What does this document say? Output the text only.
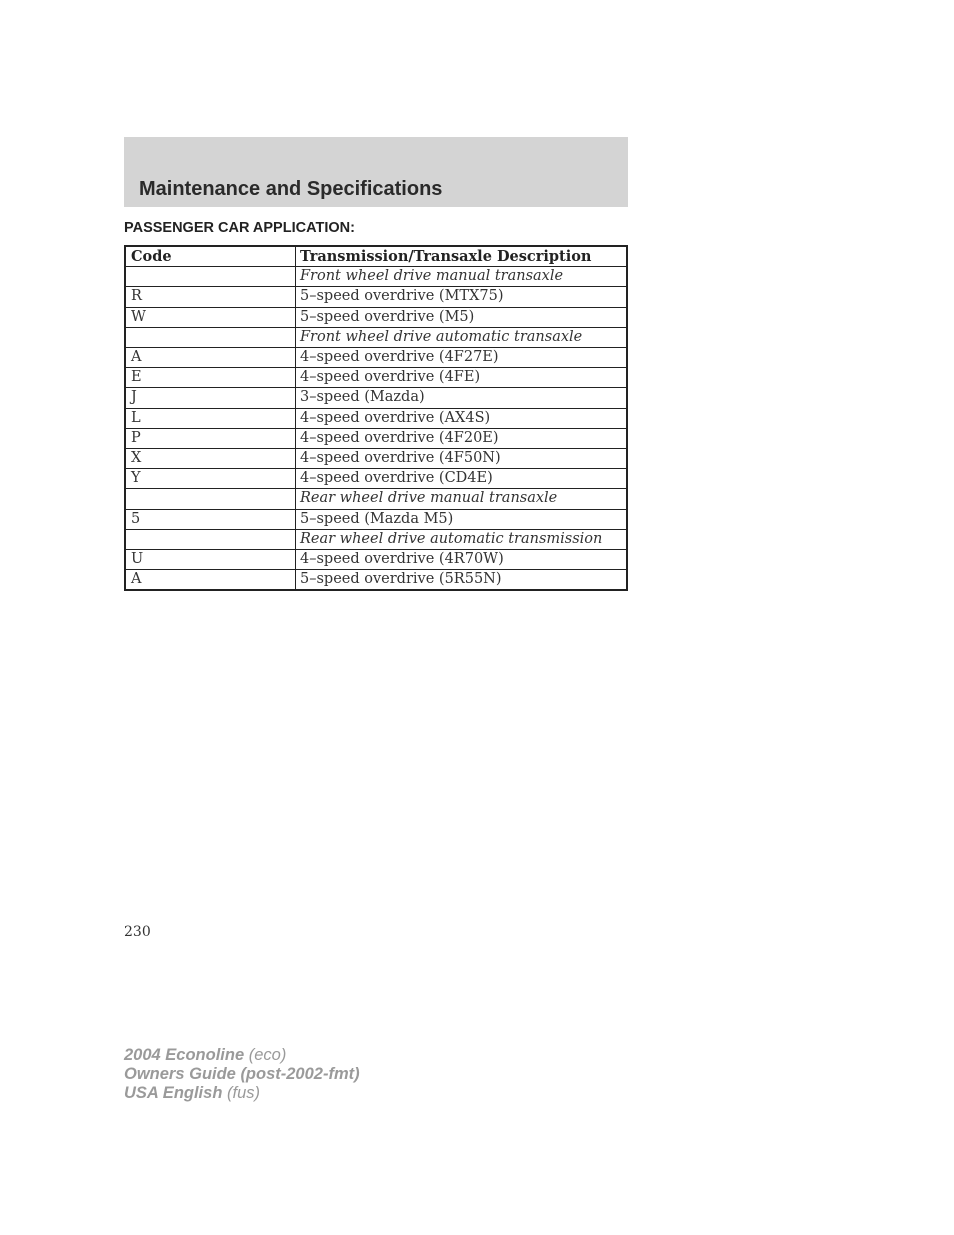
Maintenance and Specifications
PASSENGER CAR APPLICATION:
Code	Transmission/Transaxle Description
	Front wheel drive manual transaxle
R	5–speed overdrive (MTX75)
W	5–speed overdrive (M5)
	Front wheel drive automatic transaxle
A	4–speed overdrive (4F27E)
E	4–speed overdrive (4FE)
J	3–speed (Mazda)
L	4–speed overdrive (AX4S)
P	4–speed overdrive (4F20E)
X	4–speed overdrive (4F50N)
Y	4–speed overdrive (CD4E)
	Rear wheel drive manual transaxle
5	5–speed (Mazda M5)
	Rear wheel drive automatic transmission
U	4–speed overdrive (4R70W)
A	5–speed overdrive (5R55N)
230
2004 Econoline (eco)
Owners Guide (post-2002-fmt)
USA English (fus)
